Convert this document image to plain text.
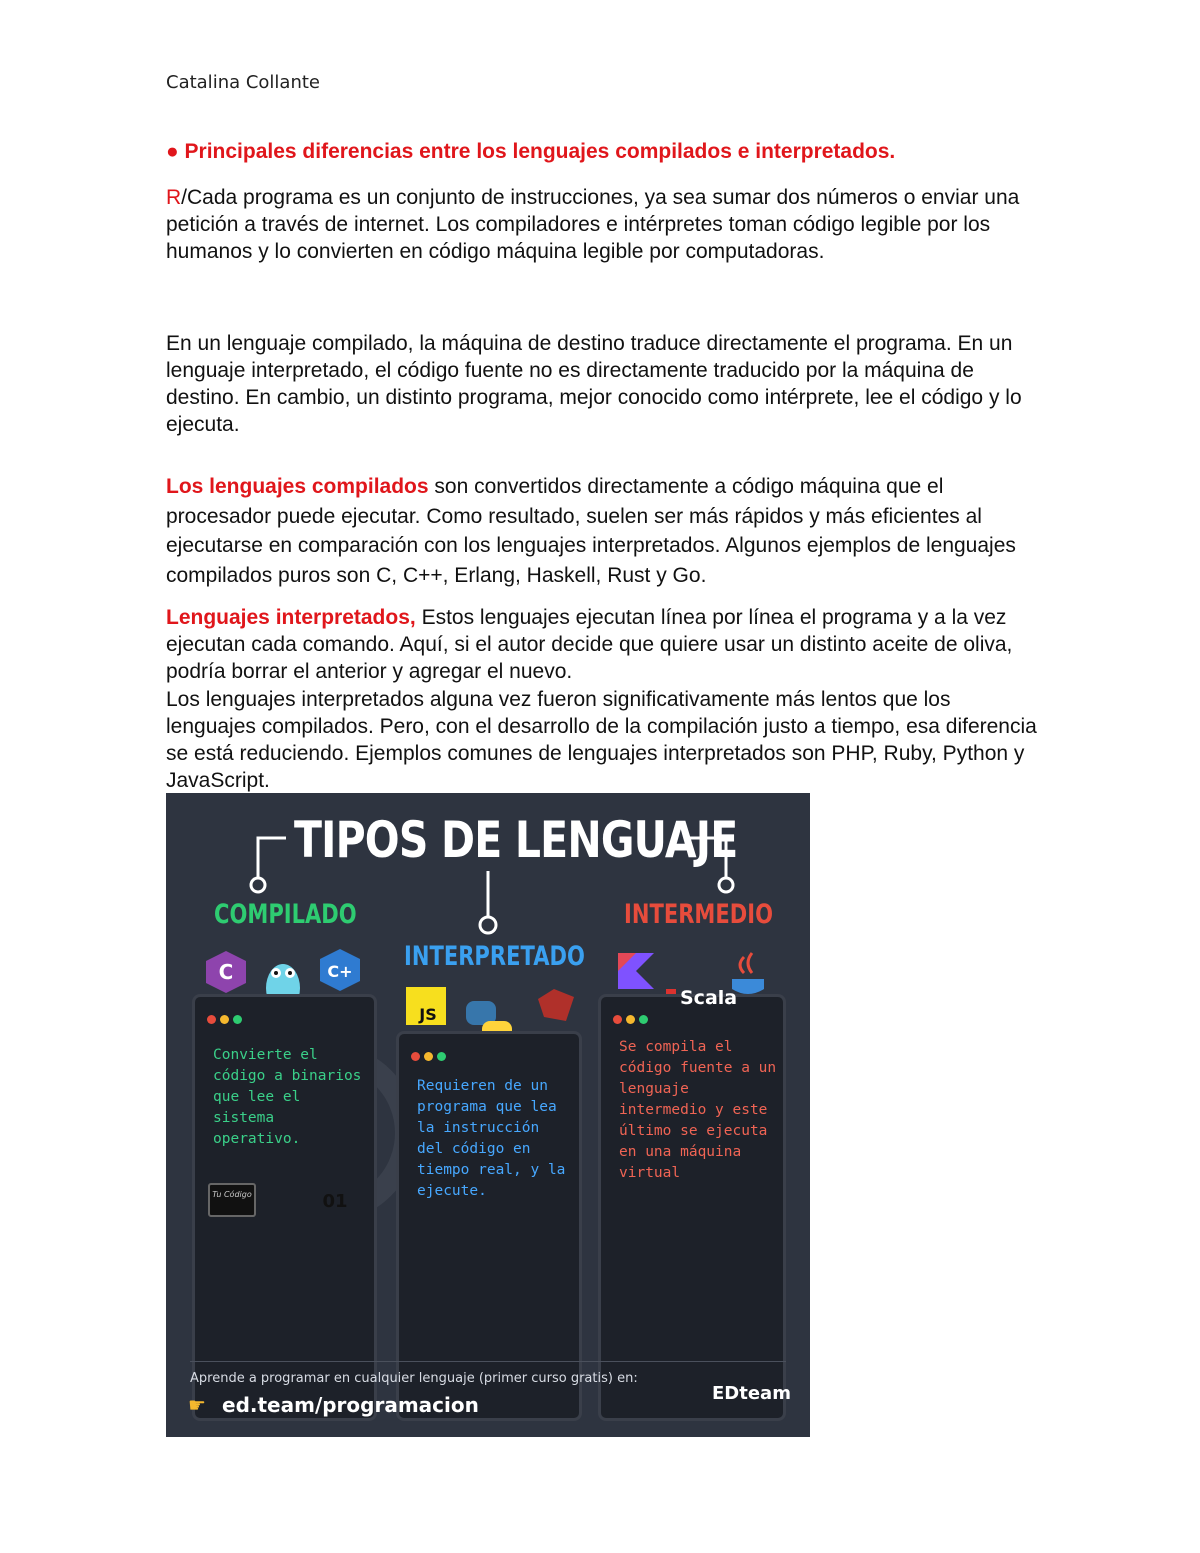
Catalina Collante
● Principales diferencias entre los lenguajes compilados e interpretados.
R/Cada programa es un conjunto de instrucciones, ya sea sumar dos números o enviar una petición a través de internet. Los compiladores e intérpretes toman código legible por los humanos y lo convierten en código máquina legible por computadoras.
En un lenguaje compilado, la máquina de destino traduce directamente el programa. En un lenguaje interpretado, el código fuente no es directamente traducido por la máquina de destino. En cambio, un distinto programa, mejor conocido como intérprete, lee el código y lo ejecuta.
Los lenguajes compilados son convertidos directamente a código máquina que el procesador puede ejecutar. Como resultado, suelen ser más rápidos y más eficientes al ejecutarse en comparación con los lenguajes interpretados. Algunos ejemplos de lenguajes compilados puros son C, C++, Erlang, Haskell, Rust y Go.
Lenguajes interpretados, Estos lenguajes ejecutan línea por línea el programa y a la vez ejecutan cada comando. Aquí, si el autor decide que quiere usar un distinto aceite de oliva, podría borrar el anterior y agregar el nuevo.
Los lenguajes interpretados alguna vez fueron significativamente más lentos que los lenguajes compilados. Pero, con el desarrollo de la compilación justo a tiempo, esa diferencia se está reduciendo. Ejemplos comunes de lenguajes interpretados son PHP, Ruby, Python y JavaScript.
C	C+
JS
TIPOS DE LENGUAJE
COMPILADO
INTERPRETADO
INTERMEDIO
Convierte el código a binarios que lee el sistema operativo.
Requieren de un programa que lea la instrucción del código en tiempo real, y la ejecute.
Se compila el código fuente a un lenguaje intermedio y este último se ejecuta en una máquina virtual
Scala
Tu Código	01
Aprende a programar en cualquier lenguaje (primer curso gratis) en:
☛ ed.team/programacion	EDteam
